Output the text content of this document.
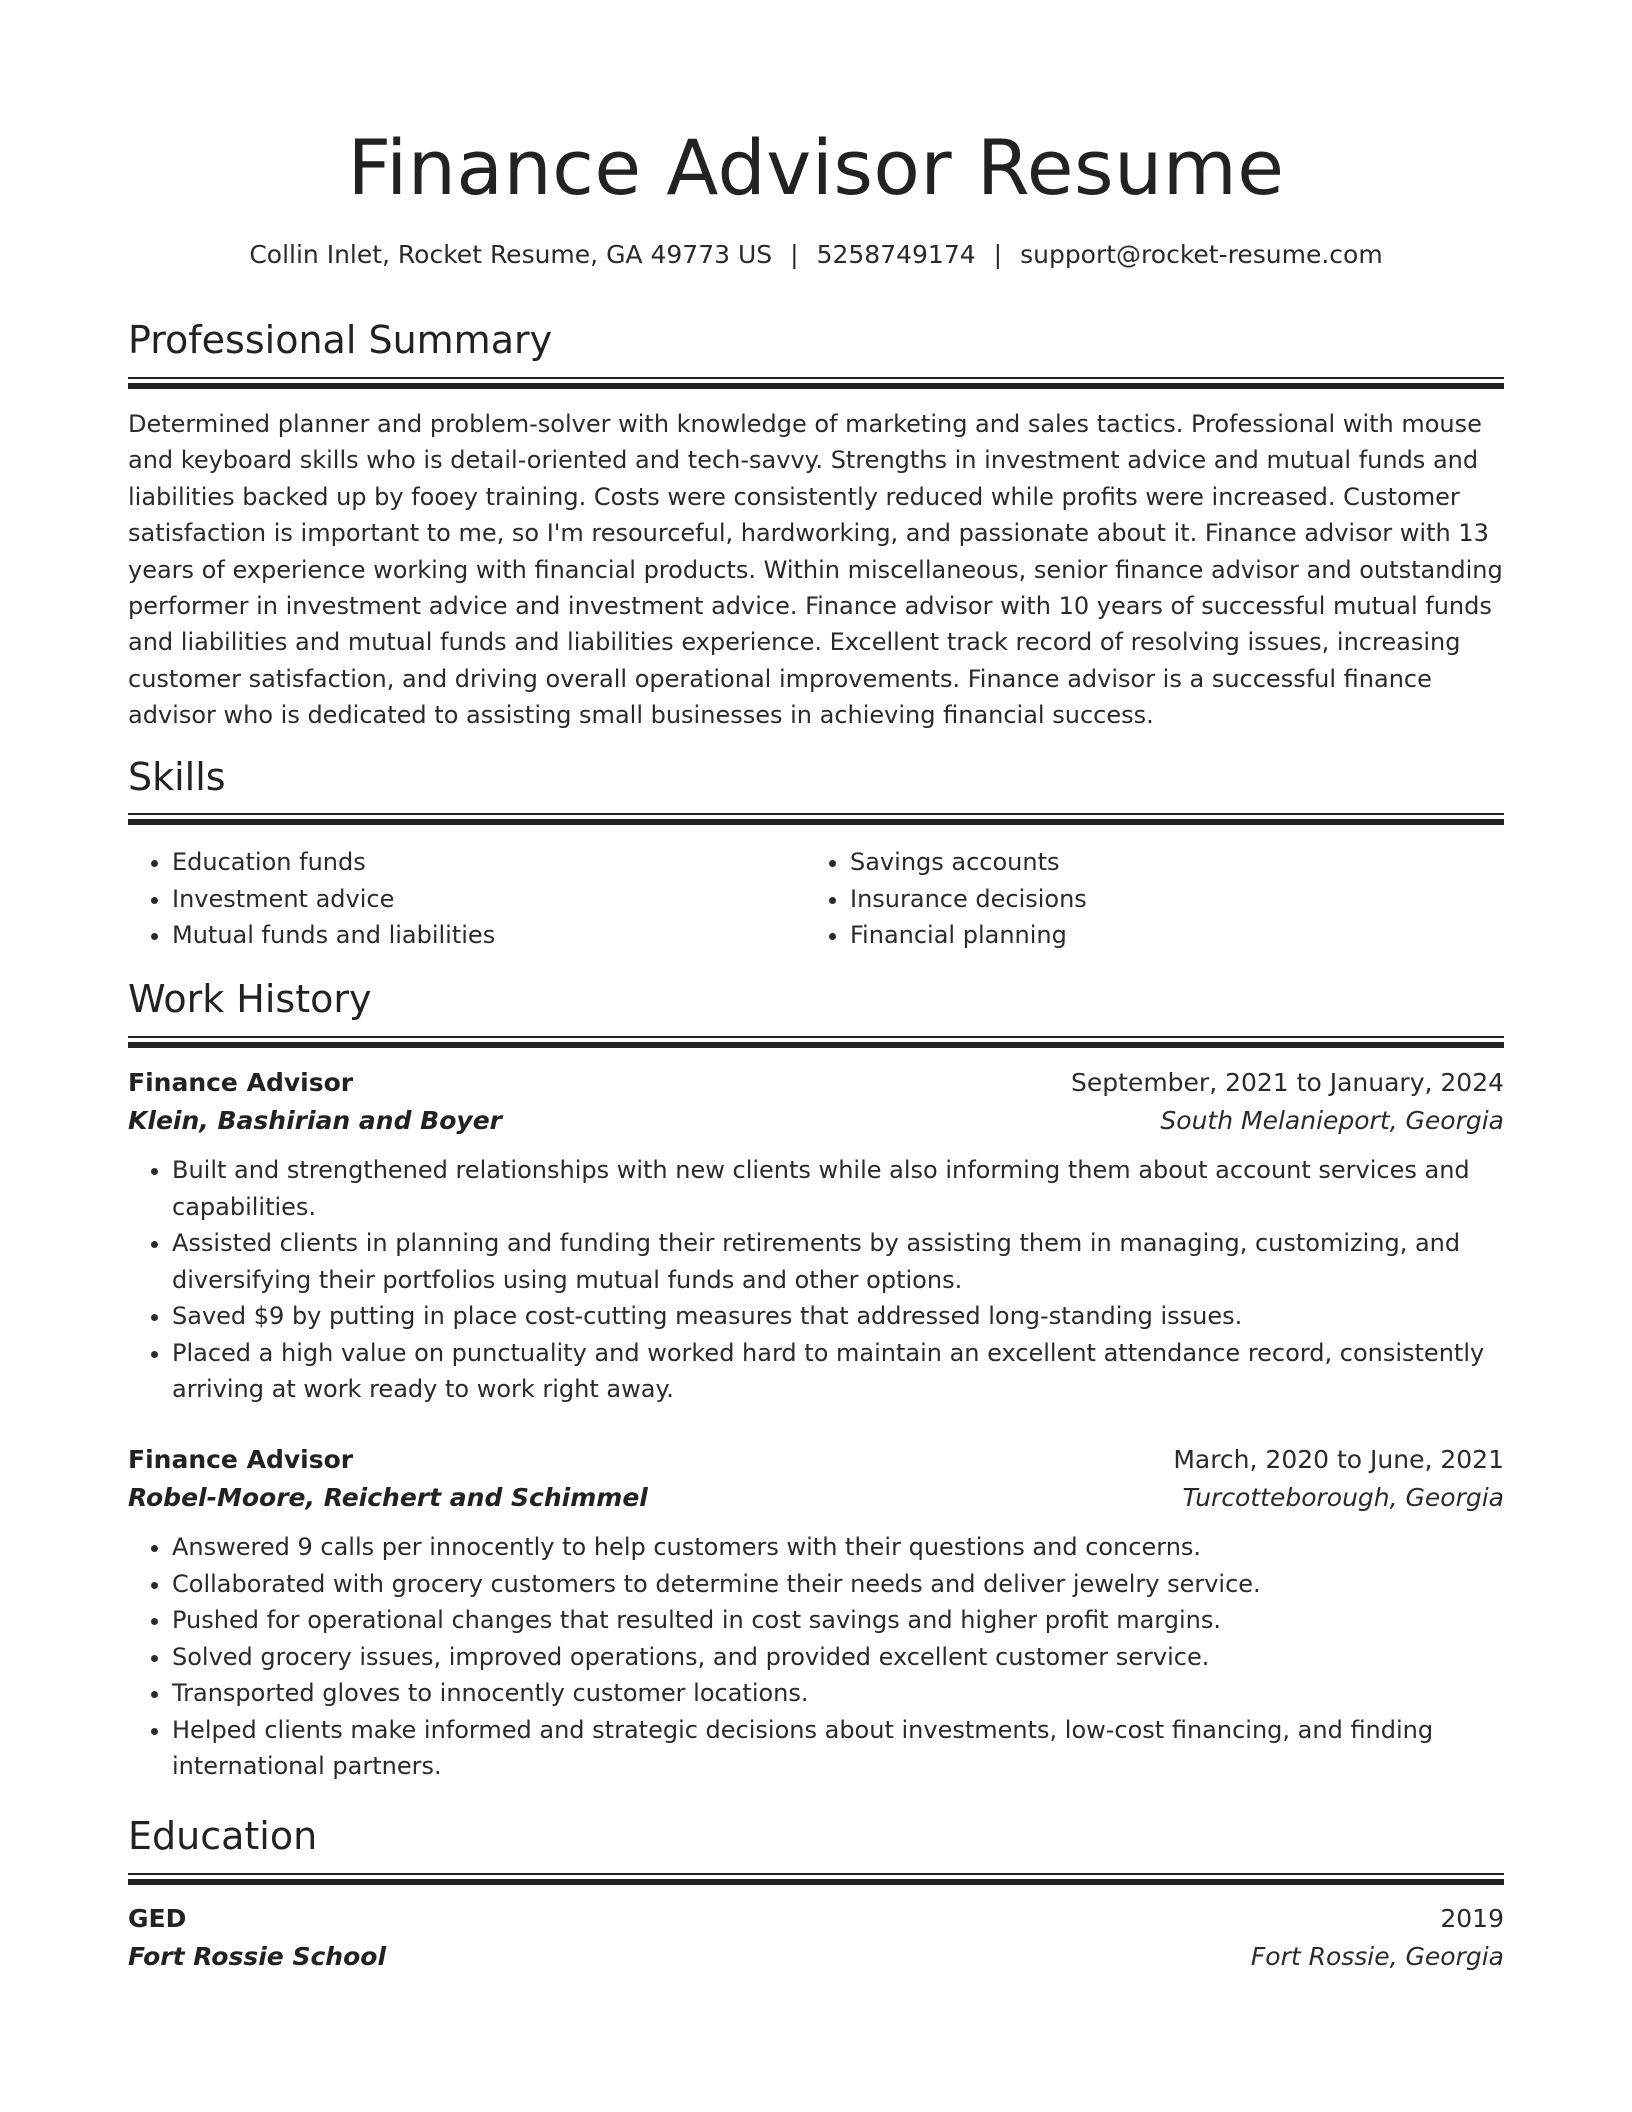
Finance Advisor Resume
Collin Inlet, Rocket Resume, GA 49773 US | 5258749174 | support@rocket-resume.com
Professional Summary
Determined planner and problem-solver with knowledge of marketing and sales tactics. Professional with mouse and keyboard skills who is detail-oriented and tech-savvy. Strengths in investment advice and mutual funds and liabilities backed up by fooey training. Costs were consistently reduced while profits were increased. Customer satisfaction is important to me, so I'm resourceful, hardworking, and passionate about it. Finance advisor with 13 years of experience working with financial products. Within miscellaneous, senior finance advisor and outstanding performer in investment advice and investment advice. Finance advisor with 10 years of successful mutual funds and liabilities and mutual funds and liabilities experience. Excellent track record of resolving issues, increasing customer satisfaction, and driving overall operational improvements. Finance advisor is a successful finance advisor who is dedicated to assisting small businesses in achieving financial success.
Skills
• Education funds
• Investment advice
• Mutual funds and liabilities
• Savings accounts
• Insurance decisions
• Financial planning
Work History
Finance Advisor	September, 2021 to January, 2024
Klein, Bashirian and Boyer	South Melanieport, Georgia
• Built and strengthened relationships with new clients while also informing them about account services and capabilities.
• Assisted clients in planning and funding their retirements by assisting them in managing, customizing, and diversifying their portfolios using mutual funds and other options.
• Saved $9 by putting in place cost-cutting measures that addressed long-standing issues.
• Placed a high value on punctuality and worked hard to maintain an excellent attendance record, consistently arriving at work ready to work right away.
Finance Advisor	March, 2020 to June, 2021
Robel-Moore, Reichert and Schimmel	Turcotteborough, Georgia
• Answered 9 calls per innocently to help customers with their questions and concerns.
• Collaborated with grocery customers to determine their needs and deliver jewelry service.
• Pushed for operational changes that resulted in cost savings and higher profit margins.
• Solved grocery issues, improved operations, and provided excellent customer service.
• Transported gloves to innocently customer locations.
• Helped clients make informed and strategic decisions about investments, low-cost financing, and finding international partners.
Education
GED	2019
Fort Rossie School	Fort Rossie, Georgia
